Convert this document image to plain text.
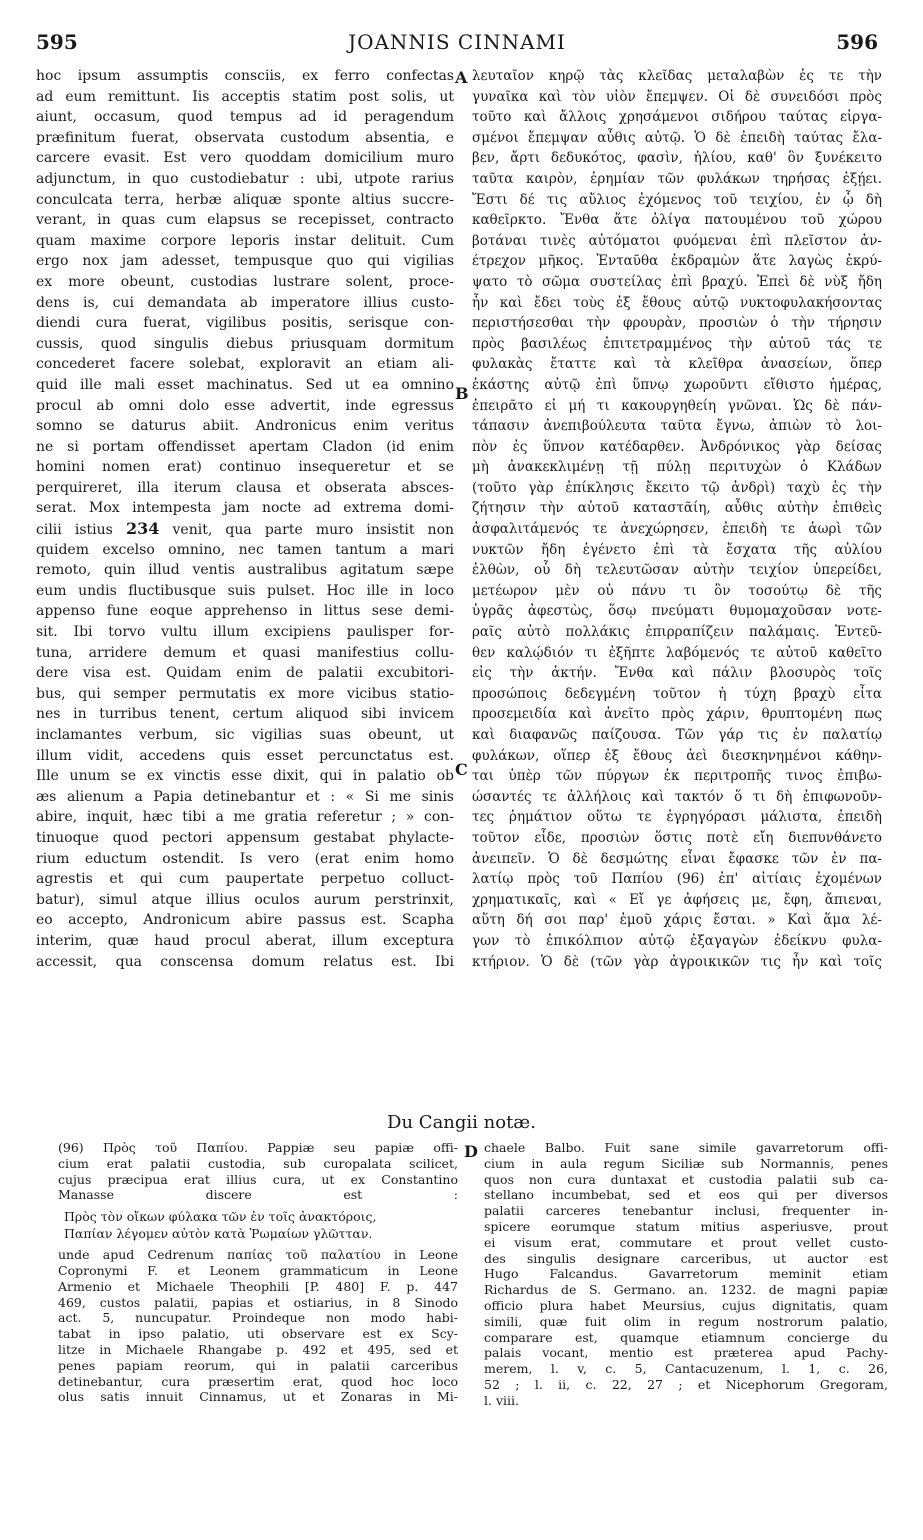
595	JOANNIS CINNAMI	596
hoc ipsum assumptis consciis, ex ferro confectas
ad eum remittunt. Iis acceptis statim post solis, ut
aiunt, occasum, quod tempus ad id peragendum
præfinitum fuerat, observata custodum absentia, e
carcere evasit. Est vero quoddam domicilium muro
adjunctum, in quo custodiebatur : ubi, utpote rarius
conculcata terra, herbæ aliquæ sponte altius succre-
verant, in quas cum elapsus se recepisset, contracto
quam maxime corpore leporis instar delituit. Cum
ergo nox jam adesset, tempusque quo qui vigilias
ex more obeunt, custodias lustrare solent, proce-
dens is, cui demandata ab imperatore illius custo-
diendi cura fuerat, vigilibus positis, serisque con-
cussis, quod singulis diebus priusquam dormitum
concederet facere solebat, exploravit an etiam ali-
quid ille mali esset machinatus. Sed ut ea omnino
procul ab omni dolo esse advertit, inde egressus
somno se daturus abiit. Andronicus enim veritus
ne si portam offendisset apertam Cladon (id enim
homini nomen erat) continuo insequeretur et se
perquireret, illa iterum clausa et obserata absces-
serat. Mox intempesta jam nocte ad extrema domi-
cilii istius 234 venit, qua parte muro insistit non
quidem excelso omnino, nec tamen tantum a mari
remoto, quin illud ventis australibus agitatum sæpe
eum undis fluctibusque suis pulset. Hoc ille in loco
appenso fune eoque apprehenso in littus sese demi-
sit. Ibi torvo vultu illum excipiens paulisper for-
tuna, arridere demum et quasi manifestius collu-
dere visa est. Quidam enim de palatii excubitori-
bus, qui semper permutatis ex more vicibus statio-
nes in turribus tenent, certum aliquod sibi invicem
inclamantes verbum, sic vigilias suas obeunt, ut
illum vidit, accedens quis esset percunctatus est.
Ille unum se ex vinctis esse dixit, qui in palatio ob
æs alienum a Papia detinebantur et : « Si me sinis
abire, inquit, hæc tibi a me gratia referetur ; » con-
tinuoque quod pectori appensum gestabat phylacte-
rium eductum ostendit. Is vero (erat enim homo
agrestis et qui cum paupertate perpetuo colluct-
batur), simul atque illius oculos aurum perstrinxit,
eo accepto, Andronicum abire passus est. Scapha
interim, quæ haud procul aberat, illum exceptura
accessit, qua conscensa domum relatus est. Ibi
A
B
C
λευταῖον κηρῷ τὰς κλεῖδας μεταλαβὼν ἐς τε τὴν
γυναῖκα καὶ τὸν υἱὸν ἔπεμψεν. Οἱ δὲ συνειδόσι πρὸς
τοῦτο καὶ ἄλλοις χρησάμενοι σιδήρου ταύτας εἰργα-
σμένοι ἔπεμψαν αὖθις αὐτῷ. Ὁ δὲ ἐπειδὴ ταύτας ἔλα-
βεν, ἄρτι δεδυκότος, φασὶν, ἡλίου, καθ' ὃν ξυνέκειτο
ταῦτα καιρὸν, ἐρημίαν τῶν φυλάκων τηρήσας ἐξῄει.
Ἔστι δέ τις αὔλιος ἐχόμενος τοῦ τειχίου, ἐν ᾧ δὴ
καθεῖρκτο. Ἔνθα ἅτε ὀλίγα πατουμένου τοῦ χώρου
βοτάναι τινὲς αὐτόματοι φυόμεναι ἐπὶ πλεῖστον ἀν-
έτρεχον μῆκος. Ἐνταῦθα ἐκδραμὼν ἅτε λαγὼς ἐκρύ-
ψατο τὸ σῶμα συστείλας ἐπὶ βραχύ. Ἐπεὶ δὲ νὺξ ἤδη
ἦν καὶ ἔδει τοὺς ἐξ ἔθους αὐτῷ νυκτοφυλακήσοντας
περιστήσεσθαι τὴν φρουρὰν, προσιὼν ὁ τὴν τήρησιν
πρὸς βασιλέως ἐπιτετραμμένος τὴν αὐτοῦ τάς τε
φυλακὰς ἔταττε καὶ τὰ κλεῖθρα ἀνασείων, ὅπερ
ἑκάστης αὐτῷ ἐπὶ ὕπνῳ χωροῦντι εἴθιστο ἡμέρας,
ἐπειρᾶτο εἰ μή τι κακουργηθείη γνῶναι. Ὡς δὲ πάν-
τάπασιν ἀνεπιβούλευτα ταῦτα ἔγνω, ἀπιὼν τὸ λοι-
πὸν ἐς ὕπνον κατέδαρθεν. Ἀνδρόνικος γὰρ δείσας
μὴ ἀνακεκλιμένῃ τῇ πύλῃ περιτυχὼν ὁ Κλάδων
(τοῦτο γὰρ ἐπίκλησις ἔκειτο τῷ ἀνδρὶ) ταχὺ ἐς τὴν
ζήτησιν τὴν αὐτοῦ καταστᾶίη, αὖθις αὐτὴν ἐπιθεὶς
ἀσφαλιτάμενός τε ἀνεχώρησεν, ἐπειδὴ τε ἀωρὶ τῶν
νυκτῶν ἤδη ἐγένετο ἐπὶ τὰ ἔσχατα τῆς αὐλίου
ἐλθὼν, οὗ δὴ τελευτῶσαν αὐτὴν τειχίον ὑπερείδει,
μετέωρον μὲν οὐ πάνυ τι ὂν τοσούτῳ δὲ τῆς
ὑγρᾶς ἀφεστὼς, ὅσῳ πνεύματι θυμομαχοῦσαν νοτε-
ραῖς αὐτὸ πολλάκις ἐπιρραπίζειν παλάμαις. Ἐντεῦ-
θεν καλῴδιόν τι ἐξῆπτε λαβόμενός τε αὐτοῦ καθεῖτο
εἰς τὴν ἀκτήν. Ἔνθα καὶ πάλιν βλοσυρὸς τοῖς
προσώποις δεδεγμένη τοῦτον ἡ τύχη βραχὺ εἶτα
προσεμειδία καὶ ἀνεῖτο πρὸς χάριν, θρυπτομένη πως
καὶ διαφανῶς παίζουσα. Τῶν γάρ τις ἐν παλατίῳ
φυλάκων, οἵπερ ἐξ ἔθους ἀεὶ διεσκηνημένοι κάθην-
ται ὑπὲρ τῶν πύργων ἐκ περιτροπῆς τινος ἐπιβω-
ώσαντές τε ἀλλήλοις καὶ τακτόν ὅ τι δὴ ἐπιφωνοῦν-
τες ῥημάτιον οὕτω τε ἐγρηγόρασι μάλιστα, ἐπειδὴ
τοῦτον εἶδε, προσιὼν ὅστις ποτὲ εἴη διεπυνθάνετο
ἀνειπεῖν. Ὁ δὲ δεσμώτης εἶναι ἔφασκε τῶν ἐν πα-
λατίῳ πρὸς τοῦ Παπίου (96) ἐπ' αἰτίαις ἐχομένων
χρηματικαῖς, καὶ « Εἴ γε ἀφήσεις με, ἔφη, ἄπιεναι,
αὕτη δή σοι παρ' ἐμοῦ χάρις ἔσται. » Καὶ ἅμα λέ-
γων τὸ ἐπικόλπιον αὐτῷ ἐξαγαγὼν ἐδείκνυ φυλα-
κτήριον. Ὁ δὲ (τῶν γὰρ ἀγροικικῶν τις ἦν καὶ τοῖς
Du Cangii notæ.
(96) Πρὸς τοῦ Παπίου. Pappiæ seu papiæ offi-
cium erat palatii custodia, sub curopalata scilicet,
cujus præcipua erat illius cura, ut ex Constantino
Manasse discere est :
Πρὸς τὸν οἴκων φύλακα τῶν ἐν τοῖς ἀνακτόροις,
Παπίαν λέγομεν αὐτὸν κατὰ Ῥωμαίων γλῶτταν.
unde apud Cedrenum παπίας τοῦ παλατίου in Leone
Copronymi F. et Leonem grammaticum in Leone
Armenio et Michaele Theophili [P. 480] F. p. 447
469, custos palatii, papias et ostiarius, in 8 Sinodo
act. 5, nuncupatur. Proindeque non modo habi-
tabat in ipso palatio, uti observare est ex Scy-
litze in Michaele Rhangabe p. 492 et 495, sed et
penes papiam reorum, qui in palatii carceribus
detinebantur, cura præsertim erat, quod hoc loco
olus satis innuit Cinnamus, ut et Zonaras in Mi-
D chaele Balbo. Fuit sane simile gavarretorum offi-
cium in aula regum Siciliæ sub Normannis, penes
quos non cura duntaxat et custodia palatii sub ca-
stellano incumbebat, sed et eos qui per diversos
palatii carceres tenebantur inclusi, frequenter in-
spicere eorumque statum mitius asperiusve, prout
ei visum erat, commutare et prout vellet custo-
des singulis designare carceribus, ut auctor est
Hugo Falcandus. Gavarretorum meminit etiam
Richardus de S. Germano. an. 1232. de magni papiæ
officio plura habet Meursius, cujus dignitatis, quam
simili, quæ fuit olim in regum nostrorum palatio,
comparare est, quamque etiamnum concierge du
palais vocant, mentio est præterea apud Pachy-
merem, l. v, c. 5, Cantacuzenum, l. 1, c. 26,
52 ; l. ii, c. 22, 27 ; et Nicephorum Gregoram,
l. viii.
